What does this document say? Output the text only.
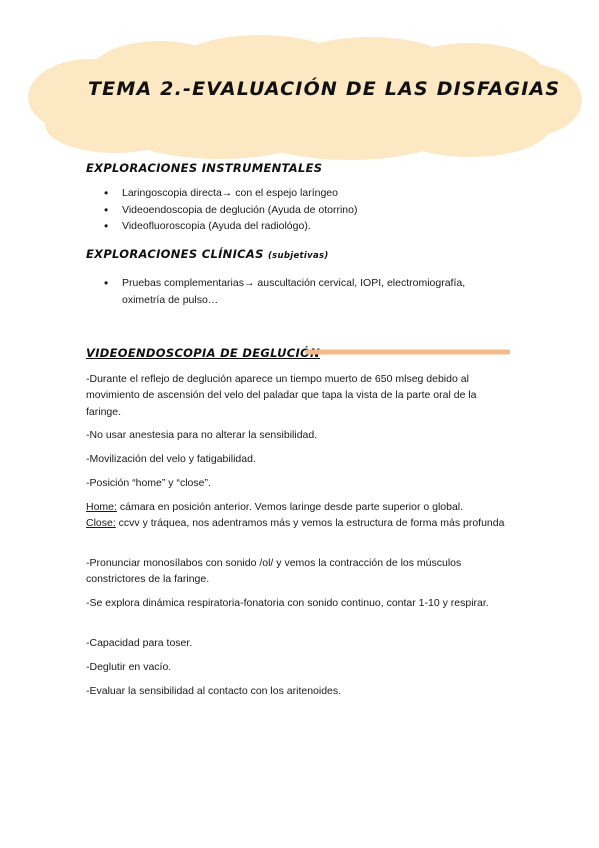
TEMA 2.-EVALUACIÓN DE LAS DISFAGIAS
EXPLORACIONES INSTRUMENTALES
• Laringoscopia directa→ con el espejo laríngeo
• Videoendoscopia de deglución (Ayuda de otorrino)
• Videofluoroscopia (Ayuda del radiológo).
EXPLORACIONES CLÍNICAS (subjetivas)
• Pruebas complementarias→ auscultación cervical, IOPI, electromiografía, oximetría de pulso…
VIDEOENDOSCOPIA DE DEGLUCIÓN

-Durante el reflejo de deglución aparece un tiempo muerto de 650 mlseg debido al movimiento de ascensión del velo del paladar que tapa la vista de la parte oral de la faringe.

-No usar anestesia para no alterar la sensibilidad.

-Movilización del velo y fatigabilidad.

-Posición “home” y “close”.

Home: cámara en posición anterior. Vemos laringe desde parte superior o global.
Close: ccvv y tráquea, nos adentramos más y vemos la estructura de forma más profunda

-Pronunciar monosílabos con sonido /ol/ y vemos la contracción de los músculos constrictores de la faringe.

-Se explora dinámica respiratoria-fonatoria con sonido continuo, contar 1-10 y respirar.

-Capacidad para toser.

-Deglutir en vacío.

-Evaluar la sensibilidad al contacto con los aritenoides.
